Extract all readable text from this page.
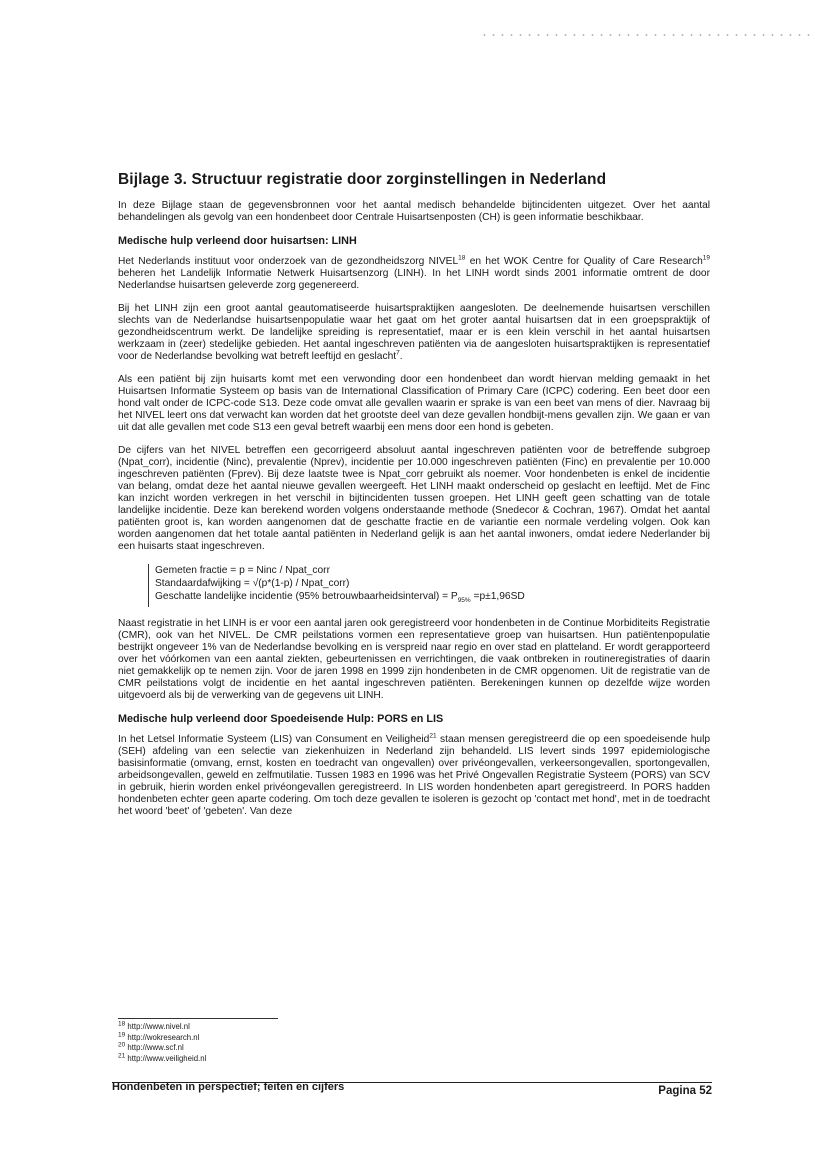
Bijlage 3. Structuur registratie door zorginstellingen in Nederland

In deze Bijlage staan de gegevensbronnen voor het aantal medisch behandelde bijtincidenten uitgezet. Over het aantal behandelingen als gevolg van een hondenbeet door Centrale Huisartsenposten (CH) is geen informatie beschikbaar.

Medische hulp verleend door huisartsen: LINH

Het Nederlands instituut voor onderzoek van de gezondheidszorg NIVEL$^{18}$ en het WOK Centre for Quality of Care Research$^{19}$ beheren het Landelijk Informatie Netwerk Huisartsenzorg (LINH). In het LINH wordt sinds 2001 informatie omtrent de door Nederlandse huisartsen geleverde zorg gegenereerd.

Bij het LINH zijn een groot aantal geautomatiseerde huisartspraktijken aangesloten. De deelnemende huisartsen verschillen slechts van de Nederlandse huisartsenpopulatie waar het gaat om het groter aantal huisartsen dat in een groepspraktijk of gezondheidscentrum werkt. De landelijke spreiding is representatief, maar er is een klein verschil in het aantal huisartsen werkzaam in (zeer) stedelijke gebieden. Het aantal ingeschreven patiënten via de aangesloten huisartspraktijken is representatief voor de Nederlandse bevolking wat betreft leeftijd en geslacht$^7$.

Als een patiënt bij zijn huisarts komt met een verwonding door een hondenbeet dan wordt hiervan melding gemaakt in het Huisartsen Informatie Systeem op basis van de International Classification of Primary Care (ICPC) codering. Een beet door een hond valt onder de ICPC-code S13. Deze code omvat alle gevallen waarin er sprake is van een beet van mens of dier. Navraag bij het NIVEL leert ons dat verwacht kan worden dat het grootste deel van deze gevallen hondbijt-mens gevallen zijn. We gaan er van uit dat alle gevallen met code S13 een geval betreft waarbij een mens door een hond is gebeten.

De cijfers van het NIVEL betreffen een gecorrigeerd absoluut aantal ingeschreven patiënten voor de betreffende subgroep (Npat_corr), incidentie (Ninc), prevalentie (Nprev), incidentie per 10.000 ingeschreven patiënten (Finc) en prevalentie per 10.000 ingeschreven patiënten (Fprev). Bij deze laatste twee is Npat_corr gebruikt als noemer. Voor hondenbeten is enkel de incidentie van belang, omdat deze het aantal nieuwe gevallen weergeeft. Het LINH maakt onderscheid op geslacht en leeftijd. Met de Finc kan inzicht worden verkregen in het verschil in bijtincidenten tussen groepen. Het LINH geeft geen schatting van de totale landelijke incidentie. Deze kan berekend worden volgens onderstaande methode (Snedecor & Cochran, 1967). Omdat het aantal patiënten groot is, kan worden aangenomen dat de geschatte fractie en de variantie een normale verdeling volgen. Ook kan worden aangenomen dat het totale aantal patiënten in Nederland gelijk is aan het aantal inwoners, omdat iedere Nederlander bij een huisarts staat ingeschreven.

Gemeten fractie = p = Ninc / Npat_corr
Standaardafwijking = √(p*(1-p) / Npat_corr)
Geschatte landelijke incidentie (95% betrouwbaarheidsinterval) = $P_{95\%} =p\pm 1,96SD$

Naast registratie in het LINH is er voor een aantal jaren ook geregistreerd voor hondenbeten in de Continue Morbiditeits Registratie (CMR), ook van het NIVEL. De CMR peilstations vormen een representatieve groep van huisartsen. Hun patiëntenpopulatie bestrijkt ongeveer 1% van de Nederlandse bevolking en is verspreid naar regio en over stad en platteland. Er wordt gerapporteerd over het vóórkomen van een aantal ziekten, gebeurtenissen en verrichtingen, die vaak ontbreken in routineregistraties of daarin niet gemakkelijk op te nemen zijn. Voor de jaren 1998 en 1999 zijn hondenbeten in de CMR opgenomen. Uit de registratie van de CMR peilstations volgt de incidentie en het aantal ingeschreven patiënten. Berekeningen kunnen op dezelfde wijze worden uitgevoerd als bij de verwerking van de gegevens uit LINH.

Medische hulp verleend door Spoedeisende Hulp: PORS en LIS

In het Letsel Informatie Systeem (LIS) van Consument en Veiligheid$^{21}$ staan mensen geregistreerd die op een spoedeisende hulp (SEH) afdeling van een selectie van ziekenhuizen in Nederland zijn behandeld. LIS levert sinds 1997 epidemiologische basisinformatie (omvang, ernst, kosten en toedracht van ongevallen) over privéongevallen, verkeersongevallen, sportongevallen, arbeidsongevallen, geweld en zelfmutilatie. Tussen 1983 en 1996 was het Privé Ongevallen Registratie Systeem (PORS) van SCV in gebruik, hierin worden enkel privéongevallen geregistreerd. In LIS worden hondenbeten apart geregistreerd. In PORS hadden hondenbeten echter geen aparte codering. Om toch deze gevallen te isoleren is gezocht op 'contact met hond', met in de toedracht het woord 'beet' of 'gebeten'. Van deze

$^{18}$ http://www.nivel.nl
$^{19}$ http://wokresearch.nl
$^{20}$ http://www.scf.nl
$^{21}$ http://www.veiligheid.nl
Hondenbeten in perspectief; feiten en cijfers	Pagina 52
